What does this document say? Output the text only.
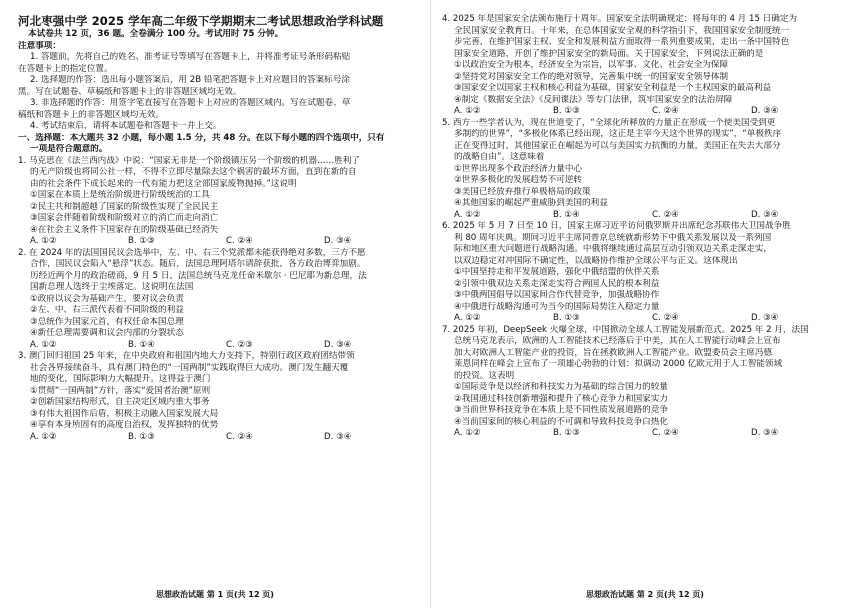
河北枣强中学 2025 学年高二年级下学期期末二考试思想政治学科试题

本试卷共 12 页，36 题。全卷满分 100 分。考试用时 75 分钟。

注意事项：

1. 答题前，先将自己的姓名、准考证号等填写在答题卡上，并将准考证号条形码粘贴

在答题卡上的指定位置。

2. 选择题的作答：选出每小题答案后，用 2B 铅笔把答题卡上对应题目的答案标号涂

黑。写在试题卷、草稿纸和答题卡上的非答题区域均无效。

3. 非选择题的作答：用签字笔直接写在答题卡上对应的答题区域内。写在试题卷、草

稿纸和答题卡上的非答题区域均无效。

4. 考试结束后，请将本试题卷和答题卡一并上交。

一、选择题：本大题共 32 小题，每小题 1.5 分，共 48 分。在以下每小题的四个选项中，只有

一项是符合题意的。

1. 马克思在《法兰西内战》中说：“国家无非是一个阶级镇压另一个阶级的机器……胜利了

的无产阶级也将同公社一样，不得不立即尽量除去这个祸害的最坏方面，直到在新的自

由的社会条件下成长起来的一代有能力把这全部国家废物抛掉。”这说明

①国家在本质上是统治阶级进行阶级统治的工具

②民主共和制超越了国家的阶级性实现了全民民主

③国家会伴随着阶级和阶级对立的消亡而走向消亡

④在社会主义条件下国家存在的阶级基础已经消失

A. ①②	B. ①③	C. ②④	D. ③④

2. 在 2024 年的法国国民议会选举中，左、中、右三个党派都未能获得绝对多数，三方不愿

合作，国民议会陷入“悬浮”状态。随后，法国总理阿塔尔请辞获批，各方政治博弈加剧。

历经近两个月的政治磋商，9 月 5 日，法国总统马克龙任命米歇尔 · 巴尼耶为新总理，法

国新总理人选终于尘埃落定。这说明在法国

①政府以议会为基础产生，要对议会负责

②左、中、右三派代表着不同阶级的利益

③总统作为国家元首，有权任命本国总理

④新任总理需要调和议会内部的分裂状态

A. ①②	B. ①④	C. ②③	D. ③④

3. 澳门回归祖国 25 年来，在中央政府和祖国内地大力支持下，特别行政区政府团结带领

社会各界接续奋斗，具有澳门特色的“一国两制”实践取得巨大成功。澳门发生翻天覆

地的变化，国际影响力大幅提升。这得益于澳门

①贯彻“一国两制”方针，落实“爱国者治澳”原则

②创新国家结构形式，自主决定区域内重大事务

③有伟大祖国作后盾，积极主动融入国家发展大局

④享有本身所固有的高度自治权，发挥独特的优势

A. ①②	B. ①③	C. ②④	D. ③④
思想政治试题 第 1 页(共 12 页)

4. 2025 年是国家安全法颁布施行十周年。国家安全法明确规定：将每年的 4 月 15 日确定为

全民国家安全教育日。十年来，在总体国家安全观的科学指引下，我国国家安全制度统一

步完善，在维护国家主权、安全和发展利益方面取得一系列重要成果，走出一条中国特色

国家安全道路，开创了维护国家安全的新局面。关于国家安全，下列说法正确的是

①以政治安全为根本，经济安全为宗旨，以军事、文化、社会安全为保障

②坚持党对国家安全工作的绝对领导，完善集中统一的国家安全领导体制

③国家安全以国家主权和核心利益为基础，国家安全利益是一个主权国家的最高利益

④制定《数据安全法》《反间谍法》等专门法律，筑牢国家安全的法治屏障

A. ①②	B. ①③	C. ②④	D. ③④

5. 西方一些学者认为，现在世道变了，“全球化所释放的力量正在形成一个使美国受到更

多制约的世界”，“多极化体系已经出现，这正是主宰今天这个世界的现实”，“单极秩序

正在变得过时，其他国家正在崛起为可以与美国实力抗衡的力量，美国正在失去大部分

的战略自由”。这意味着

①世界出现多个政治经济力量中心

②世界多极化的发展趋势不可逆转

③美国已经放弃推行单极格局的政策

④其他国家的崛起严重威胁到美国的利益

A. ①②	B. ①④	C. ②④	D. ③④

6. 2025 年 5 月 7 日至 10 日，国家主席习近平访问俄罗斯并出席纪念苏联伟大卫国战争胜

利 80 周年庆典。期间习近平主席同普京总统就新形势下中俄关系发展以及一系列国

际和地区重大问题进行战略沟通。中俄将继续通过高层互动引领双边关系走深走实，

以双边稳定对冲国际不确定性，以战略协作维护全球公平与正义。这体现出

①中国坚持走和平发展道路，强化中俄结盟的伙伴关系

②引领中俄双边关系走深走实符合两国人民的根本利益

③中俄两国倡导以国家间合作代替竞争，加强战略协作

④中俄进行战略沟通可为当今的国际局势注入稳定力量

A. ①②	B. ①③	C. ②④	D. ③④

7. 2025 年初，DeepSeek 火爆全球，中国掀动全球人工智能发展新范式。2025 年 2 月，法国

总统马克龙表示，欧洲的人工智能技术已经落后于中美，其在人工智能行动峰会上宣布

加大对欧洲人工智能产业的投资，旨在拯救欧洲人工智能产业。欧盟委员会主席冯德

莱恩同样在峰会上宣布了一项雄心勃勃的计划：拟调动 2000 亿欧元用于人工智能领域

的投资。这表明

①国际竞争是以经济和科技实力为基础的综合国力的较量

②我国通过科技创新增强和提升了核心竞争力和国家实力

③当前世界科技竞争在本质上是不同性质发展道路的竞争

④当前国家间的核心利益的不可调和导致科技竞争白热化

A. ①②	B. ①③	C. ②④	D. ③④
思想政治试题 第 2 页(共 12 页)
